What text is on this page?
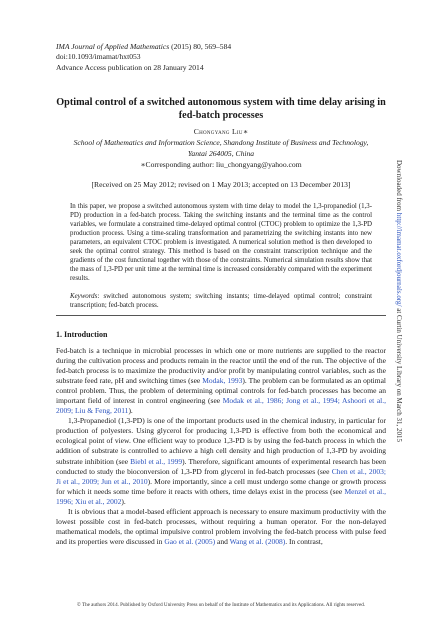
IMA Journal of Applied Mathematics (2015) 80, 569–584
doi:10.1093/imamat/hxt053
Advance Access publication on 28 January 2014
Optimal control of a switched autonomous system with time delay arising in fed-batch processes
Chongyang Liu∗
School of Mathematics and Information Science, Shandong Institute of Business and Technology,
Yantai 264005, China
∗Corresponding author: liu_chongyang@yahoo.com
[Received on 25 May 2012; revised on 1 May 2013; accepted on 13 December 2013]
In this paper, we propose a switched autonomous system with time delay to model the 1,3-propanediol (1,3-PD) production in a fed-batch process. Taking the switching instants and the terminal time as the control variables, we formulate a constrained time-delayed optimal control (CTOC) problem to optimize the 1,3-PD production process. Using a time-scaling transformation and parametrizing the switching instants into new parameters, an equivalent CTOC problem is investigated. A numerical solution method is then developed to seek the optimal control strategy. This method is based on the constraint transcription technique and the gradients of the cost functional together with those of the constraints. Numerical simulation results show that the mass of 1,3-PD per unit time at the terminal time is increased considerably compared with the experiment results.
Keywords: switched autonomous system; switching instants; time-delayed optimal control; constraint transcription; fed-batch process.
1. Introduction

Fed-batch is a technique in microbial processes in which one or more nutrients are supplied to the reactor during the cultivation process and products remain in the reactor until the end of the run. The objective of the fed-batch process is to maximize the productivity and/or profit by manipulating control variables, such as the substrate feed rate, pH and switching times (see Modak, 1993). The problem can be formulated as an optimal control problem. Thus, the problem of determining optimal controls for fed-batch processes has become an important field of interest in control engineering (see Modak et al., 1986; Jong et al., 1994; Ashoori et al., 2009; Liu & Feng, 2011).

1,3-Propanediol (1,3-PD) is one of the important products used in the chemical industry, in particular for production of polyesters. Using glycerol for producing 1,3-PD is effective from both the economical and ecological point of view. One efficient way to produce 1,3-PD is by using the fed-batch process in which the addition of substrate is controlled to achieve a high cell density and high production of 1,3-PD by avoiding substrate inhibition (see Biebl et al., 1999). Therefore, significant amounts of experimental research has been conducted to study the bioconversion of 1,3-PD from glycerol in fed-batch processes (see Chen et al., 2003; Ji et al., 2009; Jun et al., 2010). More importantly, since a cell must undergo some change or growth process for which it needs some time before it reacts with others, time delays exist in the process (see Menzel et al., 1996; Xiu et al., 2002).

It is obvious that a model-based efficient approach is necessary to ensure maximum productivity with the lowest possible cost in fed-batch processes, without requiring a human operator. For the non-delayed mathematical models, the optimal impulsive control problem involving the fed-batch process with pulse feed and its properties were discussed in Gao et al. (2005) and Wang et al. (2008). In contrast,

© The authors 2014. Published by Oxford University Press on behalf of the Institute of Mathematics and its Applications. All rights reserved.
Downloaded from http://imamat.oxfordjournals.org/ at Curtin University Library on March 31, 2015
